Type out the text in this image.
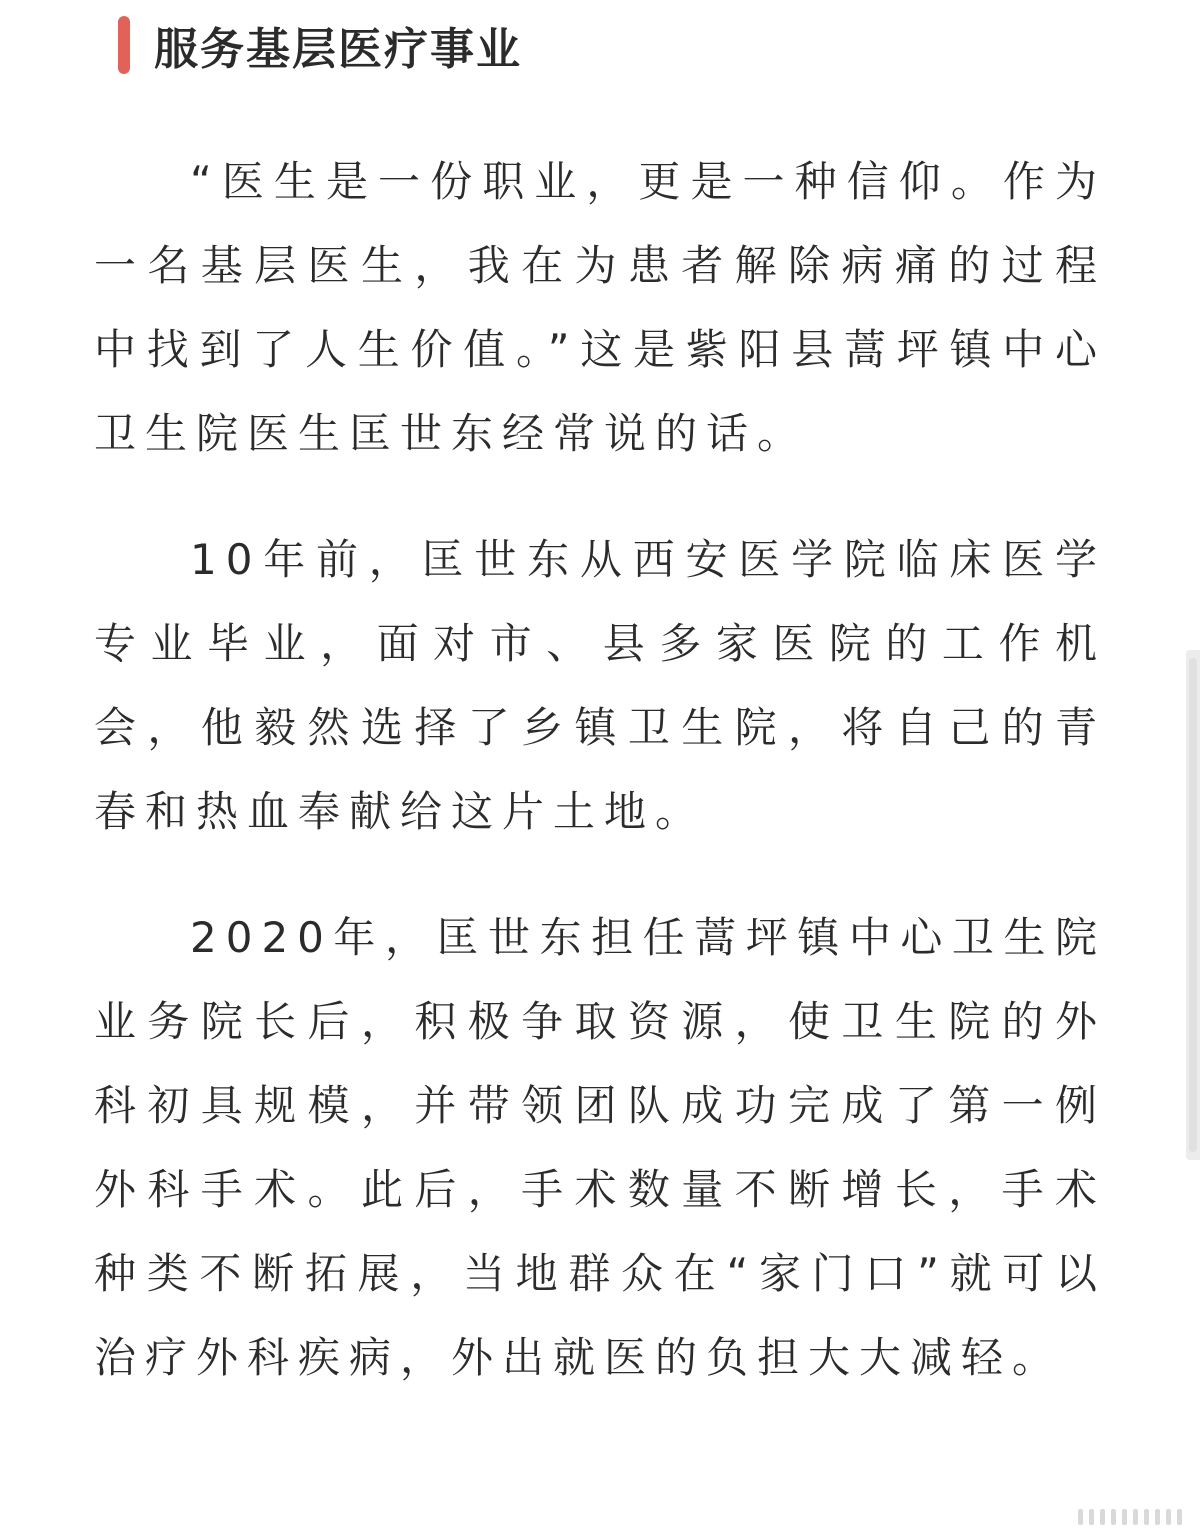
服务基层医疗事业

“医生是一份职业，更是一种信仰。作为一名基层医生，我在为患者解除病痛的过程中找到了人生价值。”这是紫阳县蒿坪镇中心卫生院医生匡世东经常说的话。

10年前，匡世东从西安医学院临床医学专业毕业，面对市、县多家医院的工作机会，他毅然选择了乡镇卫生院，将自己的青春和热血奉献给这片土地。

2020年，匡世东担任蒿坪镇中心卫生院业务院长后，积极争取资源，使卫生院的外科初具规模，并带领团队成功完成了第一例外科手术。此后，手术数量不断增长，手术种类不断拓展，当地群众在“家门口”就可以治疗外科疾病，外出就医的负担大大减轻。
